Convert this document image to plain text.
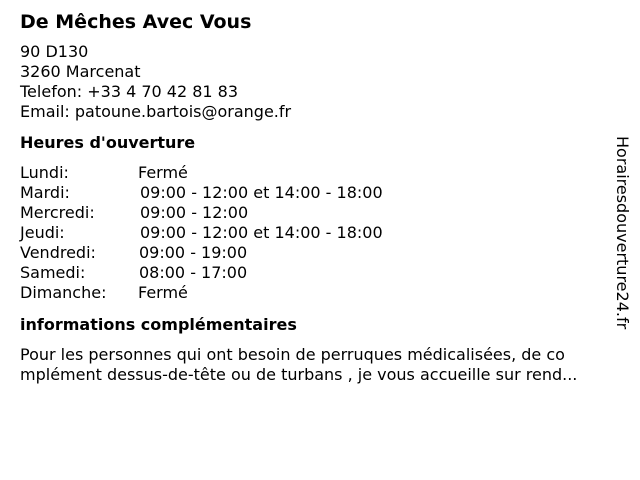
De Mêches Avec Vous
90 D130
3260 Marcenat
Telefon: +33 4 70 42 81 83
Email: patoune.bartois@orange.fr
Heures d'ouverture
Lundi:	Fermé
Mardi:	09:00 - 12:00 et 14:00 - 18:00
Mercredi:	09:00 - 12:00
Jeudi:	09:00 - 12:00 et 14:00 - 18:00
Vendredi:	09:00 - 19:00
Samedi:	08:00 - 17:00
Dimanche: Fermé
informations complémentaires
Pour les personnes qui ont besoin de perruques médicalisées, de co
mplément dessus-de-tête ou de turbans , je vous accueille sur rend...
Horairesdouverture24.fr
